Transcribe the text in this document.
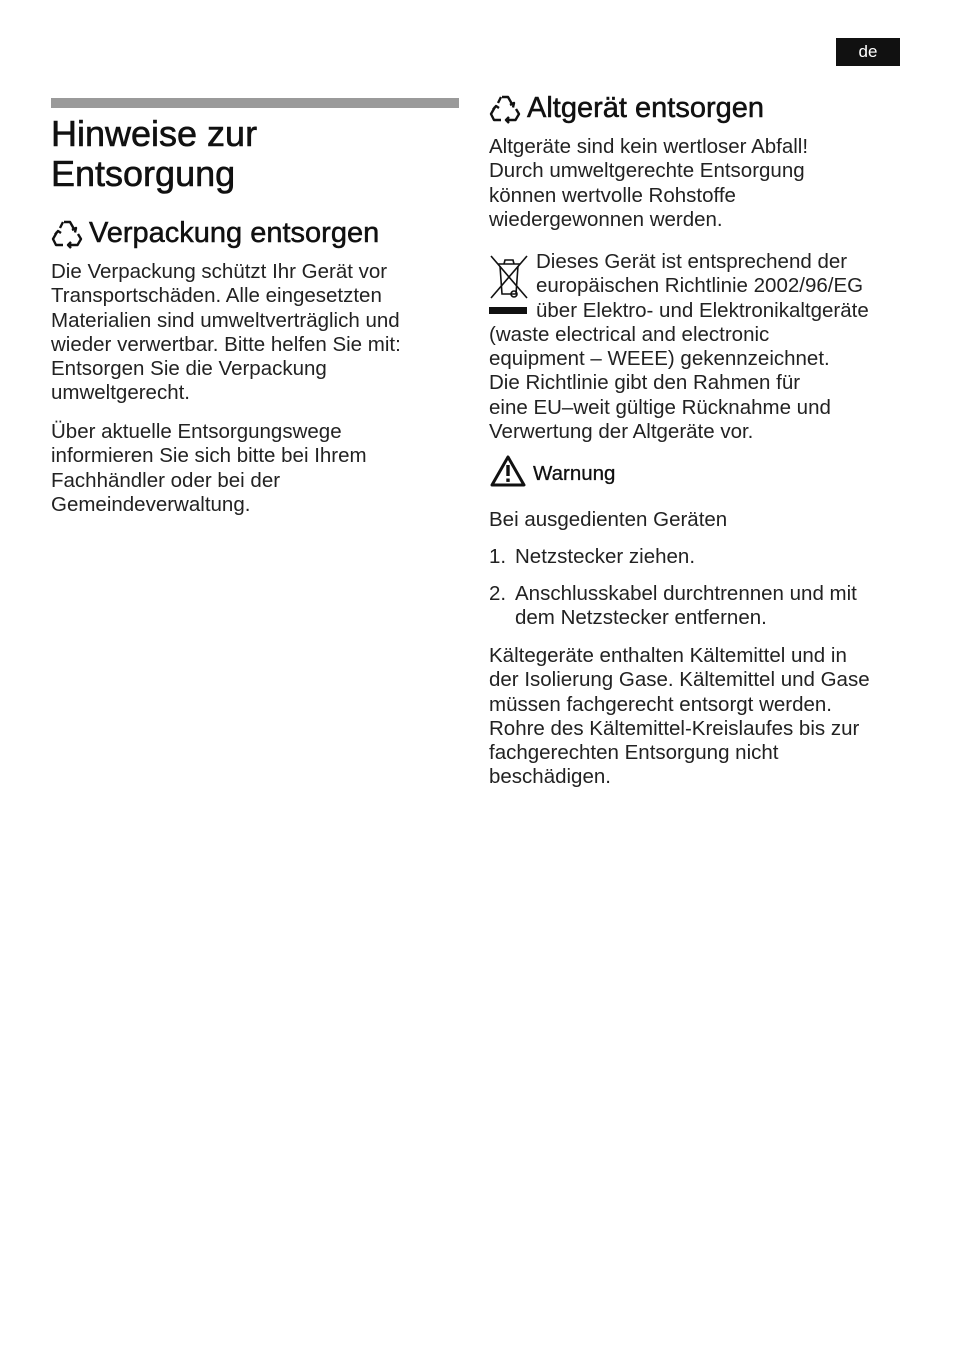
de
Hinweise zur
Entsorgung
Verpackung entsorgen

Die Verpackung schützt Ihr Gerät vor
Transportschäden. Alle eingesetzten
Materialien sind umweltverträglich und
wieder verwertbar. Bitte helfen Sie mit:
Entsorgen Sie die Verpackung
umweltgerecht.

Über aktuelle Entsorgungswege
informieren Sie sich bitte bei Ihrem
Fachhändler oder bei der
Gemeindeverwaltung.

Altgerät entsorgen

Altgeräte sind kein wertloser Abfall!
Durch umweltgerechte Entsorgung
können wertvolle Rohstoffe
wiedergewonnen werden.

Dieses Gerät ist entsprechend der
europäischen Richtlinie 2002/96/EG
über Elektro- und Elektronikaltgeräte
(waste electrical and electronic
equipment – WEEE) gekennzeichnet.
Die Richtlinie gibt den Rahmen für
eine EU–weit gültige Rücknahme und
Verwertung der Altgeräte vor.
Warnung

Bei ausgedienten Geräten

1. Netzstecker ziehen.
2. Anschlusskabel durchtrennen und mit
dem Netzstecker entfernen.

Kältegeräte enthalten Kältemittel und in
der Isolierung Gase. Kältemittel und Gase
müssen fachgerecht entsorgt werden.
Rohre des Kältemittel-Kreislaufes bis zur
fachgerechten Entsorgung nicht
beschädigen.
